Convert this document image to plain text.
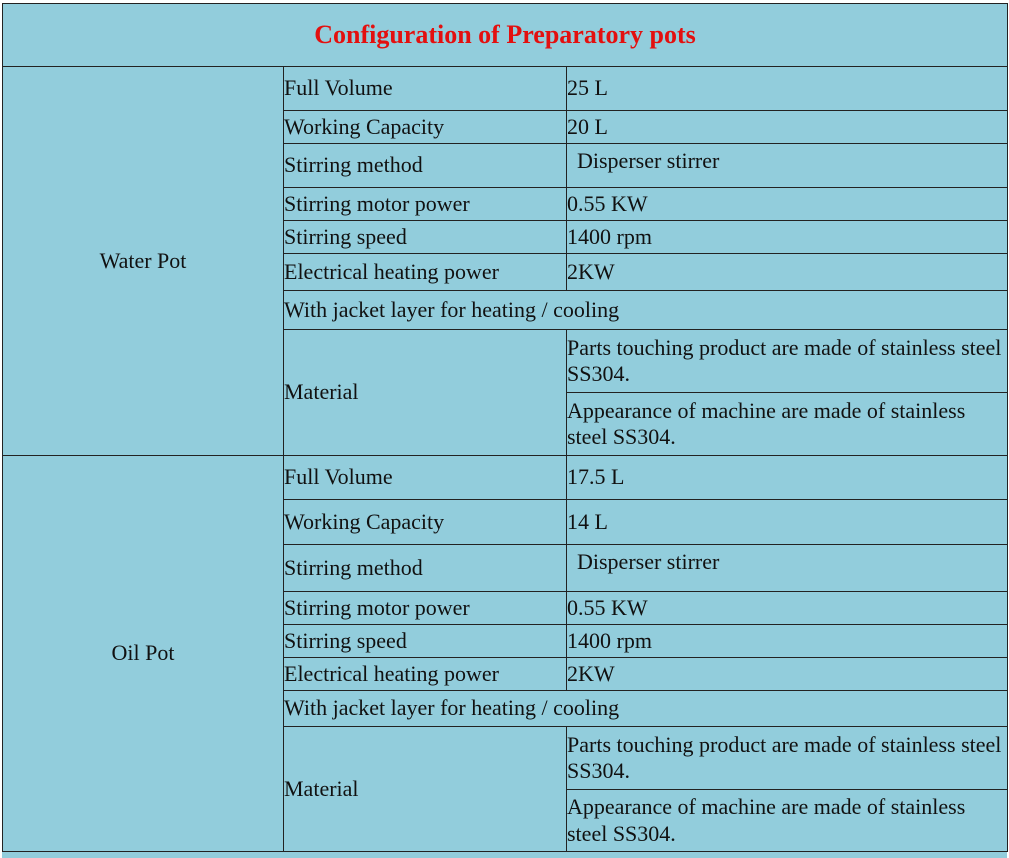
Configuration of Preparatory pots		
Water Pot	Full Volume	25 L
	Working Capacity	20 L
	Stirring method	Disperser stirrer
	Stirring motor power	0.55 KW
	Stirring speed	1400 rpm
	Electrical heating power	2KW
	With jacket layer for heating / cooling	
	Material	Parts touching product are made of stainless steel SS304.
		Appearance of machine are made of stainless steel SS304.
Oil Pot	Full Volume	17.5 L
	Working Capacity	14 L
	Stirring method	Disperser stirrer
	Stirring motor power	0.55 KW
	Stirring speed	1400 rpm
	Electrical heating power	2KW
	With jacket layer for heating / cooling	
	Material	Parts touching product are made of stainless steel SS304.
		Appearance of machine are made of stainless steel SS304.
